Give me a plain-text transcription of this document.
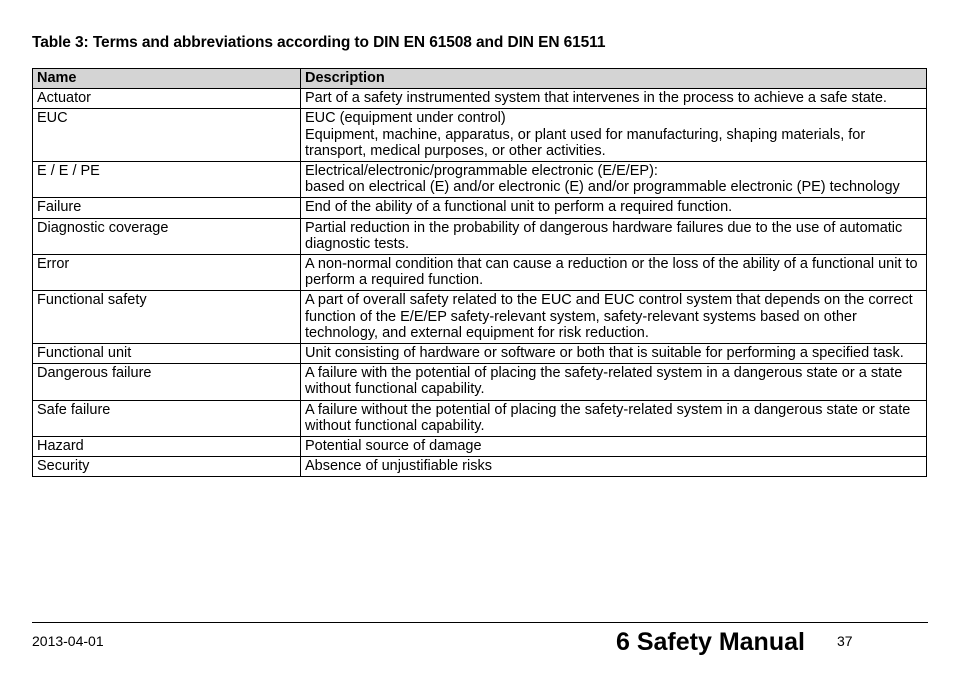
Table 3: Terms and abbreviations according to DIN EN 61508 and DIN EN 61511
Name	Description
Actuator	Part of a safety instrumented system that intervenes in the process to achieve a safe state.

EUC	EUC (equipment under control)
Equipment, machine, apparatus, or plant used for manufacturing, shaping materials, for transport, medical purposes, or other activities.

E / E / PE	Electrical/electronic/programmable electronic (E/E/EP):
based on electrical (E) and/or electronic (E) and/or programmable electronic (PE) technology

Failure	End of the ability of a functional unit to perform a required function.

Diagnostic coverage	Partial reduction in the probability of dangerous hardware failures due to the use of automatic diagnostic tests.

Error	A non-normal condition that can cause a reduction or the loss of the ability of a functional unit to perform a required function.

Functional safety	A part of overall safety related to the EUC and EUC control system that depends on the correct function of the E/E/EP safety-relevant system, safety-relevant systems based on other technology, and external equipment for risk reduction.

Functional unit	Unit consisting of hardware or software or both that is suitable for performing a specified task.

Dangerous failure	A failure with the potential of placing the safety-related system in a dangerous state or a state without functional capability.

Safe failure	A failure without the potential of placing the safety-related system in a dangerous state or state without functional capability.

Hazard	Potential source of damage

Security	Absence of unjustifiable risks
2013-04-01	6 Safety Manual 37
